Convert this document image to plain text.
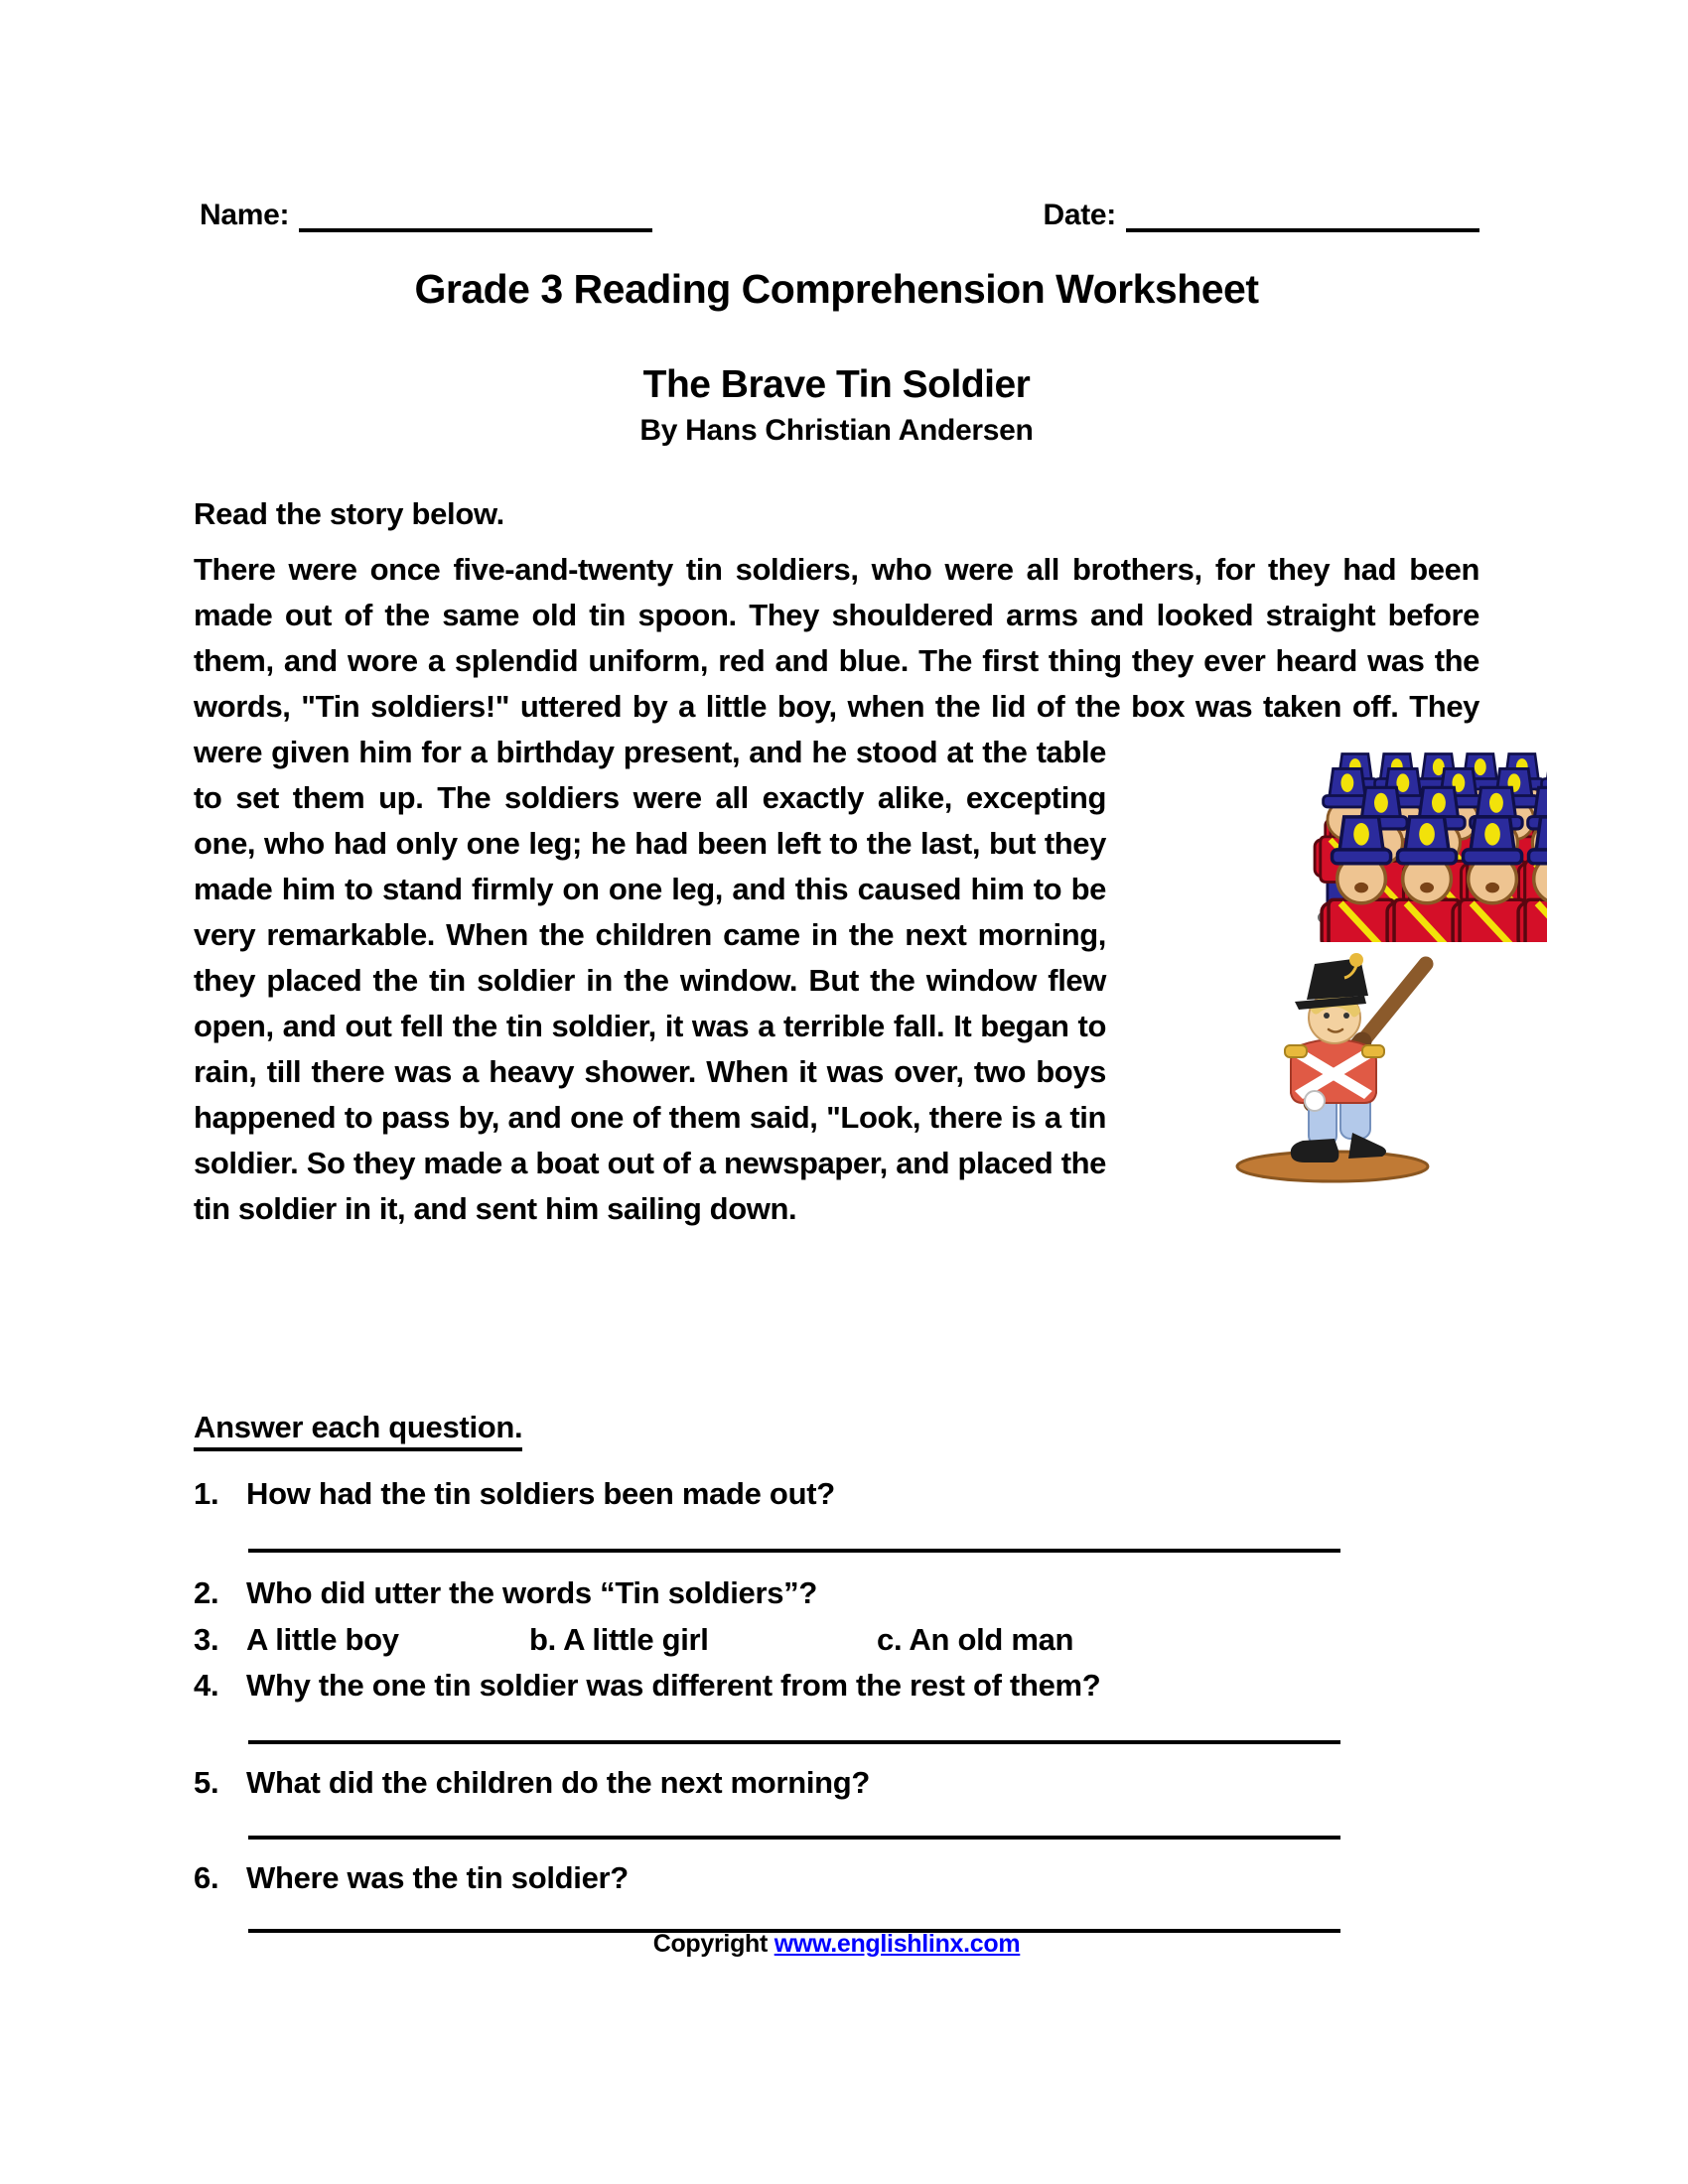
Name:	Date:
Grade 3 Reading Comprehension Worksheet
The Brave Tin Soldier
By Hans Christian Andersen
Read the story below.
There were once five-and-twenty tin soldiers, who were all brothers, for they had been made out of the same old tin spoon. They shouldered arms and looked straight before them, and wore a splendid uniform, red and blue. The first thing they ever heard was the words, "Tin soldiers!" uttered by a little boy, when the lid of the box was taken off. They were given him for a birthday present, and he stood at the table to set them up. The soldiers were all exactly alike, excepting one, who had only one leg; he had been left to the last, but they made him to stand firmly on one leg, and this caused him to be very remarkable. When the children came in the next morning, they placed the tin soldier in the window. But the window flew open, and out fell the tin soldier, it was a terrible fall. It began to rain, till there was a heavy shower. When it was over, two boys happened to pass by, and one of them said, "Look, there is a tin soldier. So they made a boat out of a newspaper, and placed the tin soldier in it, and sent him sailing down.
Answer each question.
1. How had the tin soldiers been made out?
2. Who did utter the words “Tin soldiers”?
3. A little boy	b. A little girl	c. An old man
4. Why the one tin soldier was different from the rest of them?
5. What did the children do the next morning?
6. Where was the tin soldier?
Copyright www.englishlinx.com
